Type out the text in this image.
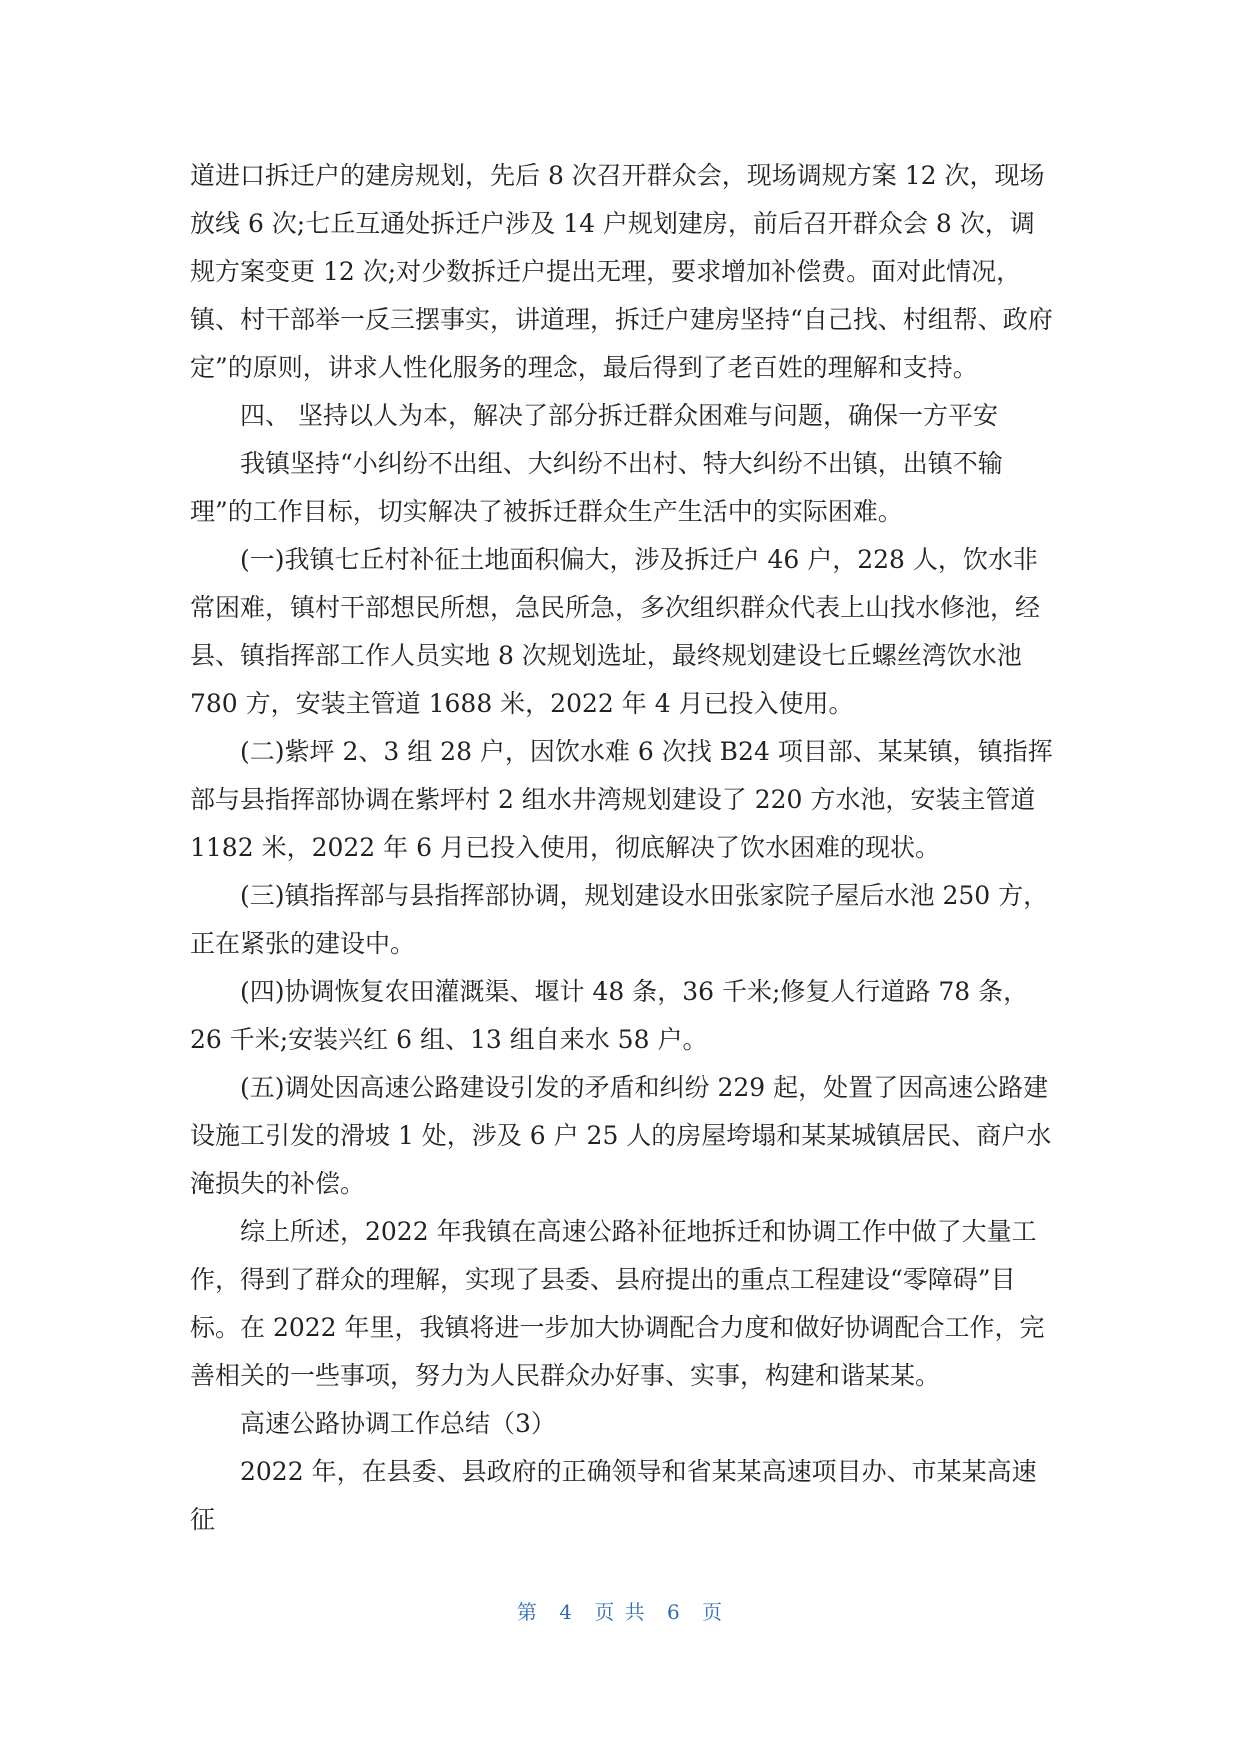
道进口拆迁户的建房规划，先后 8 次召开群众会，现场调规方案 12 次，现场放线 6 次;七丘互通处拆迁户涉及 14 户规划建房，前后召开群众会 8 次，调规方案变更 12 次;对少数拆迁户提出无理，要求增加补偿费。面对此情况，镇、村干部举一反三摆事实，讲道理，拆迁户建房坚持“自己找、村组帮、政府定”的原则，讲求人性化服务的理念，最后得到了老百姓的理解和支持。

四、 坚持以人为本，解决了部分拆迁群众困难与问题，确保一方平安

我镇坚持“小纠纷不出组、大纠纷不出村、特大纠纷不出镇，出镇不输理”的工作目标，切实解决了被拆迁群众生产生活中的实际困难。

(一)我镇七丘村补征土地面积偏大，涉及拆迁户 46 户，228 人，饮水非常困难，镇村干部想民所想，急民所急，多次组织群众代表上山找水修池，经县、镇指挥部工作人员实地 8 次规划选址，最终规划建设七丘螺丝湾饮水池 780 方，安装主管道 1688 米，2022 年 4 月已投入使用。

(二)紫坪 2、3 组 28 户，因饮水难 6 次找 B24 项目部、某某镇，镇指挥部与县指挥部协调在紫坪村 2 组水井湾规划建设了 220 方水池，安装主管道 1182 米，2022 年 6 月已投入使用，彻底解决了饮水困难的现状。

(三)镇指挥部与县指挥部协调，规划建设水田张家院子屋后水池 250 方，正在紧张的建设中。

(四)协调恢复农田灌溉渠、堰计 48 条，36 千米;修复人行道路 78 条，26 千米;安装兴红 6 组、13 组自来水 58 户。

(五)调处因高速公路建设引发的矛盾和纠纷 229 起，处置了因高速公路建设施工引发的滑坡 1 处，涉及 6 户 25 人的房屋垮塌和某某城镇居民、商户水淹损失的补偿。

综上所述，2022 年我镇在高速公路补征地拆迁和协调工作中做了大量工作，得到了群众的理解，实现了县委、县府提出的重点工程建设“零障碍”目标。在 2022 年里，我镇将进一步加大协调配合力度和做好协调配合工作，完善相关的一些事项，努力为人民群众办好事、实事，构建和谐某某。

高速公路协调工作总结（3）

2022 年，在县委、县政府的正确领导和省某某高速项目办、市某某高速征

第 4 页 共 6 页
